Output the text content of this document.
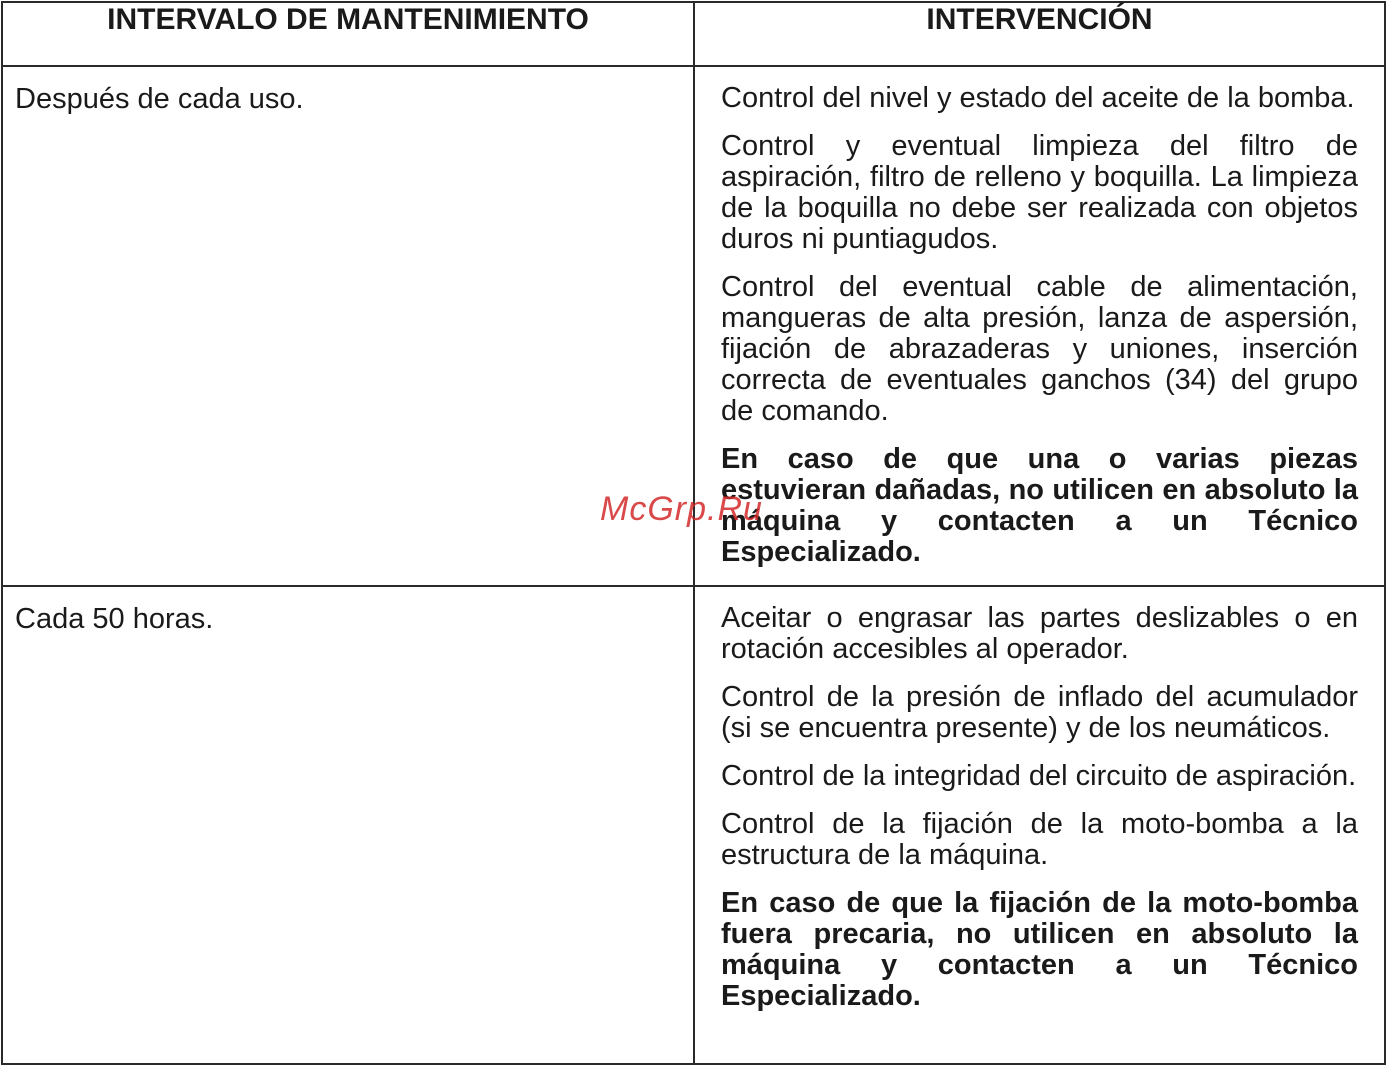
INTERVALO DE MANTENIMIENTO	INTERVENCIÓN
Después de cada uso.	Control del nivel y estado del aceite de la bomba.

Control y eventual limpieza del filtro de aspiración, filtro de relleno y boquilla. La limpieza de la boquilla no debe ser realizada con objetos duros ni puntiagudos.

Control del eventual cable de alimentación, mangueras de alta presión, lanza de aspersión, fijación de abrazaderas y uniones, inserción correcta de eventuales ganchos (34) del grupo de comando.

En caso de que una o varias piezas estuvieran dañadas, no utilicen en absoluto la máquina y contacten a un Técnico Especializado.

Cada 50 horas.	Aceitar o engrasar las partes deslizables o en rotación accesibles al operador.

Control de la presión de inflado del acumulador (si se encuentra presente) y de los neumáticos.

Control de la integridad del circuito de aspiración.

Control de la fijación de la moto-bomba a la estructura de la máquina.

En caso de que la fijación de la moto-bomba fuera precaria, no utilicen en absoluto la máquina y contacten a un Técnico Especializado.

McGrp.Ru
